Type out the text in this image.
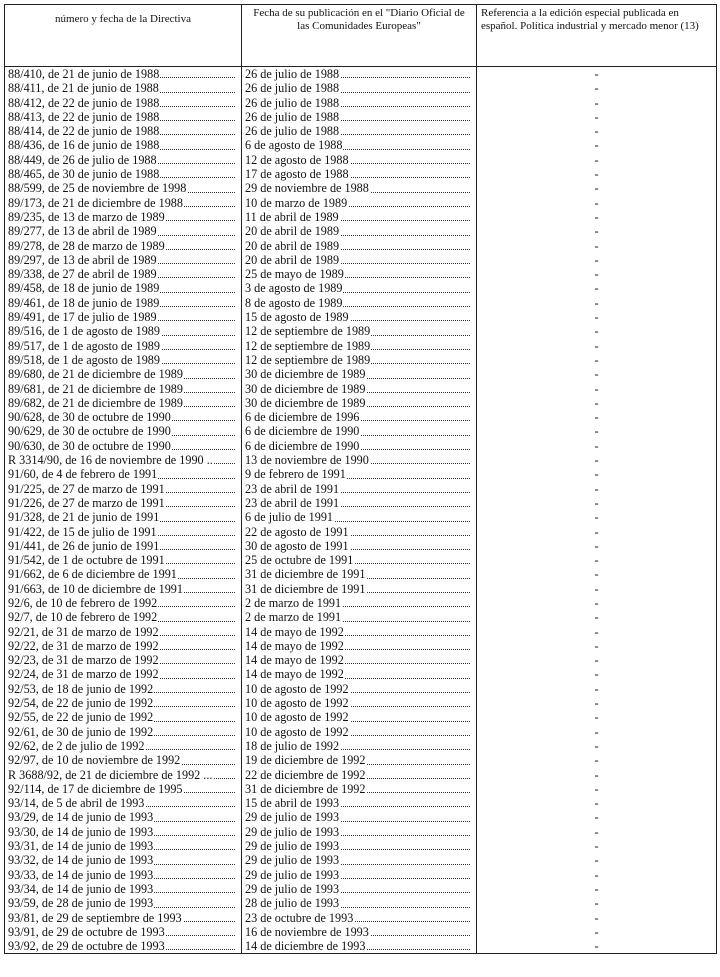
número y fecha de la Directiva	Fecha de su publicación en el "Diario Oficial de las Comunidades Europeas"	Referencia a la edición especial publicada en español. Política industrial y mercado menor (13)
88/410, de 21 de junio de 1988	26 de julio de 1988	-
88/411, de 21 de junio de 1988	26 de julio de 1988	-
88/412, de 22 de junio de 1988	26 de julio de 1988	-
88/413, de 22 de junio de 1988	26 de julio de 1988	-
88/414, de 22 de junio de 1988	26 de julio de 1988	-
88/436, de 16 de junio de 1988	6 de agosto de 1988	-
88/449, de 26 de julio de 1988	12 de agosto de 1988	-
88/465, de 30 de junio de 1988	17 de agosto de 1988	-
88/599, de 25 de noviembre de 1998	29 de noviembre de 1988	-
89/173, de 21 de diciembre de 1988	10 de marzo de 1989	-
89/235, de 13 de marzo de 1989	11 de abril de 1989	-
89/277, de 13 de abril de 1989	20 de abril de 1989	-
89/278, de 28 de marzo de 1989	20 de abril de 1989	-
89/297, de 13 de abril de 1989	20 de abril de 1989	-
89/338, de 27 de abril de 1989	25 de mayo de 1989	-
89/458, de 18 de junio de 1989	3 de agosto de 1989	-
89/461, de 18 de junio de 1989	8 de agosto de 1989	-
89/491, de 17 de julio de 1989	15 de agosto de 1989	-
89/516, de 1 de agosto de 1989	12 de septiembre de 1989	-
89/517, de 1 de agosto de 1989	12 de septiembre de 1989	-
89/518, de 1 de agosto de 1989	12 de septiembre de 1989	-
89/680, de 21 de diciembre de 1989	30 de diciembre de 1989	-
89/681, de 21 de diciembre de 1989	30 de diciembre de 1989	-
89/682, de 21 de diciembre de 1989	30 de diciembre de 1989	-
90/628, de 30 de octubre de 1990	6 de diciembre de 1996	-
90/629, de 30 de octubre de 1990	6 de diciembre de 1990	-
90/630, de 30 de octubre de 1990	6 de diciembre de 1990	-
R 3314/90, de 16 de noviembre de 1990 ..	13 de noviembre de 1990	-
91/60, de 4 de febrero de 1991	9 de febrero de 1991	-
91/225, de 27 de marzo de 1991	23 de abril de 1991	-
91/226, de 27 de marzo de 1991	23 de abril de 1991	-
91/328, de 21 de junio de 1991	6 de julio de 1991	-
91/422, de 15 de julio de 1991	22 de agosto de 1991	-
91/441, de 26 de junio de 1991	30 de agosto de 1991	-
91/542, de 1 de octubre de 1991	25 de octubre de 1991	-
91/662, de 6 de diciembre de 1991	31 de diciembre de 1991	-
91/663, de 10 de diciembre de 1991	31 de diciembre de 1991	-
92/6, de 10 de febrero de 1992	2 de marzo de 1991	-
92/7, de 10 de febrero de 1992	2 de marzo de 1991	-
92/21, de 31 de marzo de 1992	14 de mayo de 1992	-
92/22, de 31 de marzo de 1992	14 de mayo de 1992	-
92/23, de 31 de marzo de 1992	14 de mayo de 1992	-
92/24, de 31 de marzo de 1992	14 de mayo de 1992	-
92/53, de 18 de junio de 1992	10 de agosto de 1992	-
92/54, de 22 de junio de 1992	10 de agosto de 1992	-
92/55, de 22 de junio de 1992	10 de agosto de 1992	-
92/61, de 30 de junio de 1992	10 de agosto de 1992	-
92/62, de 2 de julio de 1992	18 de julio de 1992	-
92/97, de 10 de noviembre de 1992	19 de diciembre de 1992	-
R 3688/92, de 21 de diciembre de 1992 ...	22 de diciembre de 1992	-
92/114, de 17 de diciembre de 1995	31 de diciembre de 1992	-
93/14, de 5 de abril de 1993	15 de abril de 1993	-
93/29, de 14 de junio de 1993	29 de julio de 1993	-
93/30, de 14 de junio de 1993	29 de julio de 1993	-
93/31, de 14 de junio de 1993	29 de julio de 1993	-
93/32, de 14 de junio de 1993	29 de julio de 1993	-
93/33, de 14 de junio de 1993	29 de julio de 1993	-
93/34, de 14 de junio de 1993	29 de julio de 1993	-
93/59, de 28 de junio de 1993	28 de julio de 1993	-
93/81, de 29 de septiembre de 1993	23 de octubre de 1993	-
93/91, de 29 de octubre de 1993	16 de noviembre de 1993	-
93/92, de 29 de octubre de 1993	14 de diciembre de 1993	-
